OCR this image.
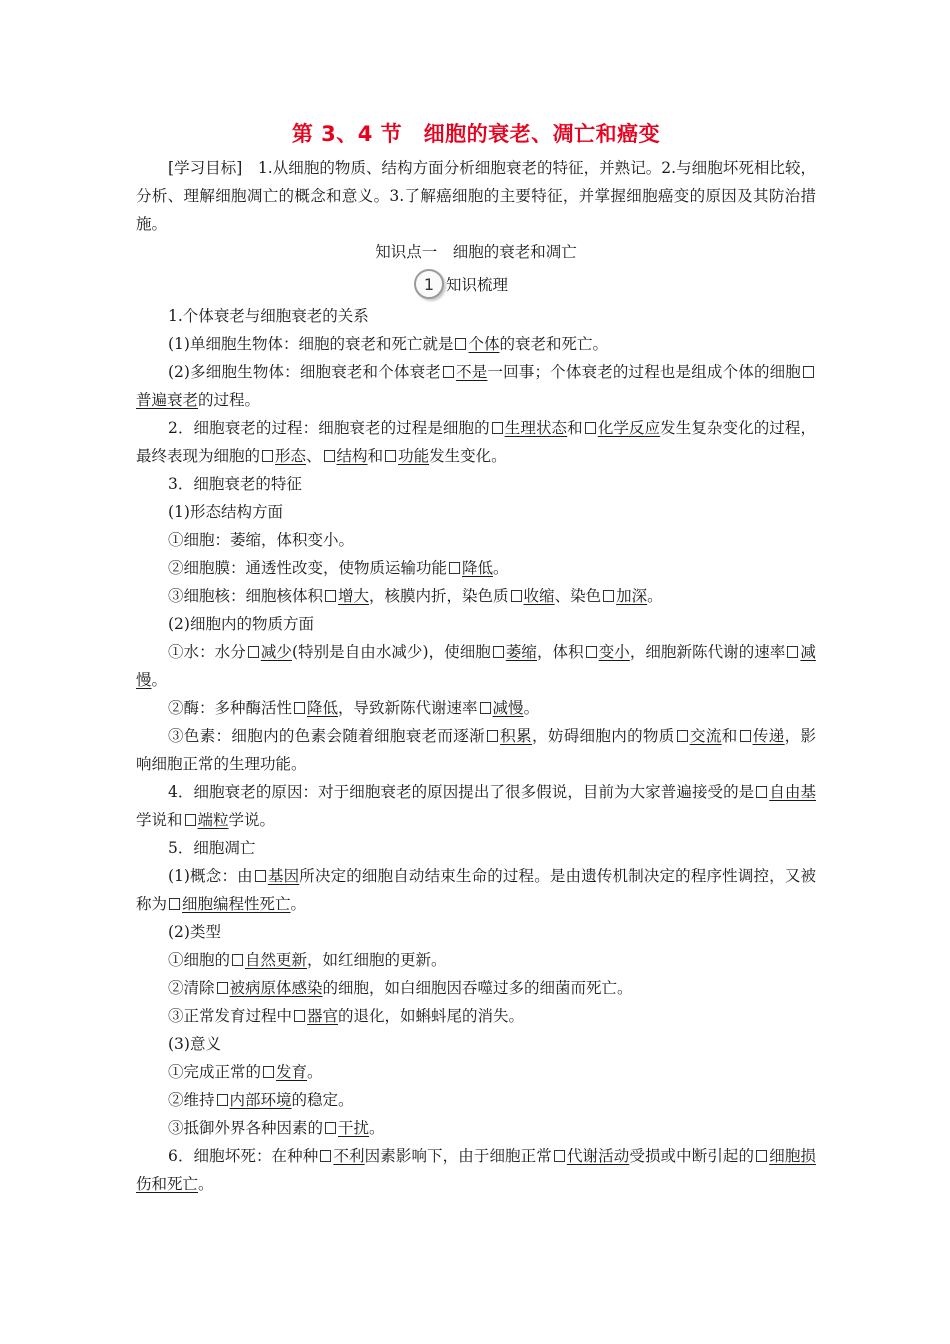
第 3、4 节　细胞的衰老、凋亡和癌变

[学习目标]　1.从细胞的物质、结构方面分析细胞衰老的特征，并熟记。2.与细胞坏死相比较，分析、理解细胞凋亡的概念和意义。3.了解癌细胞的主要特征，并掌握细胞癌变的原因及其防治措施。

知识点一　细胞的衰老和凋亡

1 知识梳理

1.个体衰老与细胞衰老的关系

(1)单细胞生物体：细胞的衰老和死亡就是 个体的衰老和死亡。

(2)多细胞生物体：细胞衰老和个体衰老 不是一回事；个体衰老的过程也是组成个体的细胞普遍衰老的过程。

2．细胞衰老的过程：细胞衰老的过程是细胞的 生理状态和 化学反应发生复杂变化的过程，最终表现为细胞的 形态、 结构和 功能发生变化。

3．细胞衰老的特征

(1)形态结构方面

①细胞：萎缩，体积变小。

②细胞膜：通透性改变，使物质运输功能 降低。

③细胞核：细胞核体积 增大，核膜内折，染色质 收缩、染色 加深。

(2)细胞内的物质方面

①水：水分 减少(特别是自由水减少)，使细胞 萎缩，体积 变小，细胞新陈代谢的速率 减慢。

②酶：多种酶活性 降低，导致新陈代谢速率 减慢。

③色素：细胞内的色素会随着细胞衰老而逐渐 积累，妨碍细胞内的物质 交流和 传递，影响细胞正常的生理功能。

4．细胞衰老的原因：对于细胞衰老的原因提出了很多假说，目前为大家普遍接受的是 自由基学说和 端粒学说。

5．细胞凋亡

(1)概念：由 基因所决定的细胞自动结束生命的过程。是由遗传机制决定的程序性调控，又被称为 细胞编程性死亡。

(2)类型

①细胞的 自然更新，如红细胞的更新。

②清除 被病原体感染的细胞，如白细胞因吞噬过多的细菌而死亡。

③正常发育过程中 器官的退化，如蝌蚪尾的消失。

(3)意义

①完成正常的 发育。

②维持 内部环境的稳定。

③抵御外界各种因素的 干扰。

6．细胞坏死：在种种 不利因素影响下，由于细胞正常 代谢活动受损或中断引起的 细胞损伤和死亡。
